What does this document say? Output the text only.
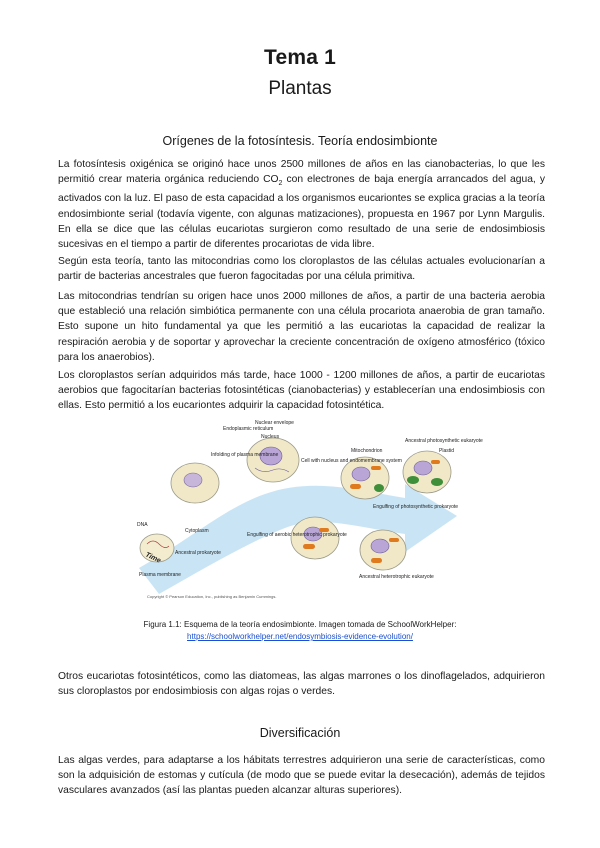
Tema 1
Plantas
Orígenes de la fotosíntesis. Teoría endosimbionte

La fotosíntesis oxigénica se originó hace unos 2500 millones de años en las cianobacterias, lo que les permitió crear materia orgánica reduciendo $CO_2$ con electrones de baja energía arrancados del agua, y activados con la luz. El paso de esta capacidad a los organismos eucariontes se explica gracias a la teoría endosimbionte serial (todavía vigente, con algunas matizaciones), propuesta en 1967 por Lynn Margulis. En ella se dice que las células eucariotas surgieron como resultado de una serie de endosimbiosis sucesivas en el tiempo a partir de diferentes procariotas de vida libre.

Según esta teoría, tanto las mitocondrias como los cloroplastos de las células actuales evolucionarían a partir de bacterias ancestrales que fueron fagocitadas por una célula primitiva.

Las mitocondrias tendrían su origen hace unos 2000 millones de años, a partir de una bacteria aerobia que estableció una relación simbiótica permanente con una célula procariota anaerobia de gran tamaño. Esto supone un hito fundamental ya que les permitió a las eucariotas la capacidad de realizar la respiración aerobia y de soportar y aprovechar la creciente concentración de oxígeno atmosférico (tóxico para los anaerobios).

Los cloroplastos serían adquiridos más tarde, hace 1000 - 1200 millones de años, a partir de eucariotas aerobios que fagocitarían bacterias fotosintéticas (cianobacterias) y establecerían una endosimbiosis con ellas. Esto permitió a los eucariontes adquirir la capacidad fotosintética.

Nuclear envelope
Endoplasmic reticulum
Nucleus
Infolding of plasma membrane
Cell with nucleus and endomembrane system
Mitochondrion
Ancestral photosynthetic eukaryote
Plastid
Engulfing of photosynthetic prokaryote
DNA
Cytoplasm
Engulfing of aerobic heterotrophic prokaryote
Ancestral prokaryote
Plasma membrane
Time
Ancestral heterotrophic eukaryote
Copyright © Pearson Education, Inc., publishing as Benjamin Cummings.
Figura 1.1: Esquema de la teoría endosimbionte. Imagen tomada de SchoolWorkHelper:
https://schoolworkhelper.net/endosymbiosis-evidence-evolution/

Otros eucariotas fotosintéticos, como las diatomeas, las algas marrones o los dinoflagelados, adquirieron sus cloroplastos por endosimbiosis con algas rojas o verdes.

Diversificación

Las algas verdes, para adaptarse a los hábitats terrestres adquirieron una serie de características, como son la adquisición de estomas y cutícula (de modo que se puede evitar la desecación), además de tejidos vasculares avanzados (así las plantas pueden alcanzar alturas superiores).
